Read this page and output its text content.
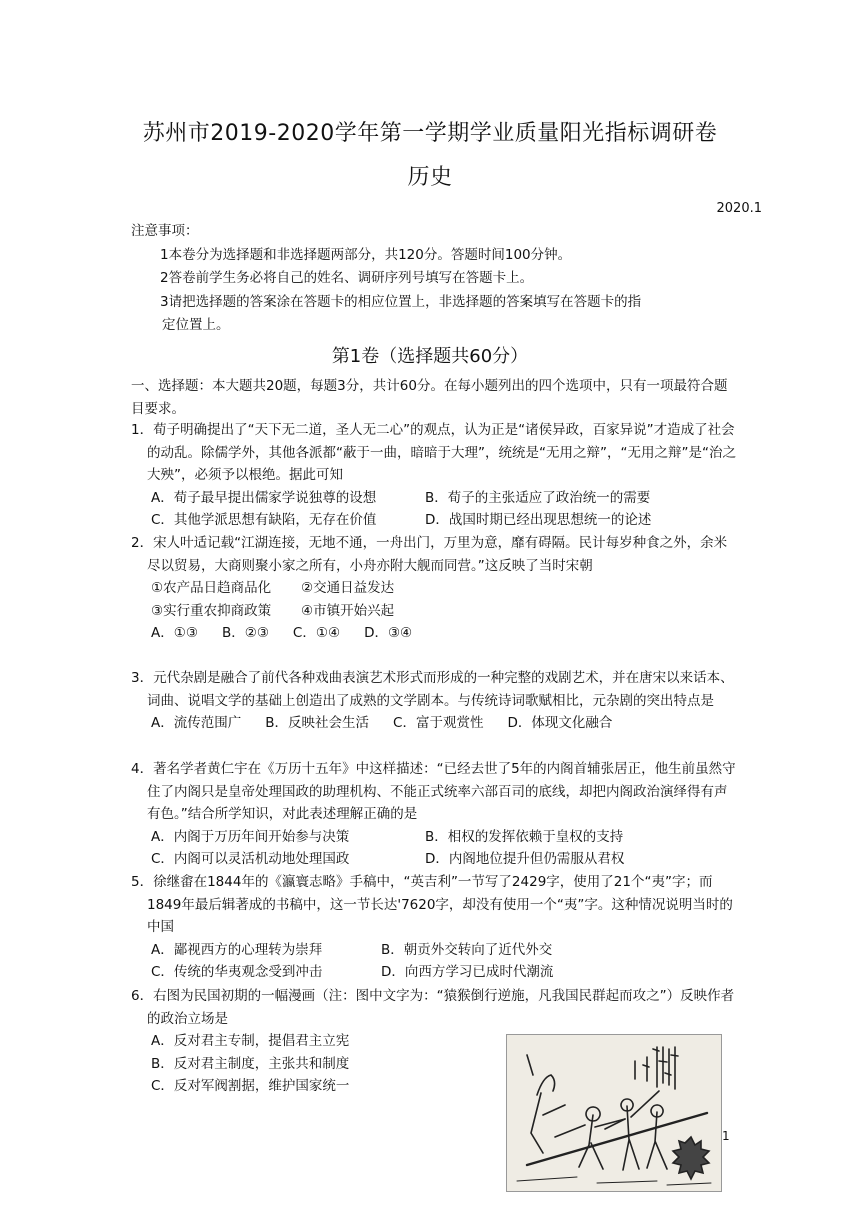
苏州市2019-2020学年第一学期学业质量阳光指标调研卷
历史
2020.1
注意事项：
1本卷分为选择题和非选择题两部分，共120分。答题时间100分钟。
2答卷前学生务必将自己的姓名、调研序列号填写在答题卡上。
3请把选择题的答案涂在答题卡的相应位置上，非选择题的答案填写在答题卡的指
定位置上。
第1卷（选择题共60分）
一、选择题：本大题共20题，每题3分，共计60分。在每小题列出的四个选项中，只有一项最符合题目要求。

1．荀子明确提出了“天下无二道，圣人无二心”的观点，认为正是“诸侯异政，百家异说”才造成了社会的动乱。除儒学外，其他各派都“蔽于一曲，暗暗于大理”，统统是“无用之辩”，“无用之辩”是“治之大殃”，必须予以根绝。据此可知

A．荀子最早提出儒家学说独尊的设想	B．荀子的主张适应了政治统一的需要

C．其他学派思想有缺陷，无存在价值	D．战国时期已经出现思想统一的论述

2．宋人叶适记载“江湖连接，无地不通，一舟出门，万里为意，靡有碍隔。民计每岁种食之外，余米尽以贸易，大商则聚小家之所有，小舟亦附大舰而同营。”这反映了当时宋朝

①农产品日趋商品化 ②交通日益发达

③实行重农抑商政策 ④市镇开始兴起

A．①③ B．②③ C．①④ D．③④

3．元代杂剧是融合了前代各种戏曲表演艺术形式而形成的一种完整的戏剧艺术，并在唐宋以来话本、词曲、说唱文学的基础上创造出了成熟的文学剧本。与传统诗词歌赋相比，元杂剧的突出特点是

A．流传范围广 B．反映社会生活 C．富于观赏性 D．体现文化融合

4．著名学者黄仁宇在《万历十五年》中这样描述：“已经去世了5年的内阁首辅张居正，他生前虽然守住了内阁只是皇帝处理国政的助理机构、不能正式统率六部百司的底线，却把内阁政治演绎得有声有色。”结合所学知识，对此表述理解正确的是

A．内阁于万历年间开始参与决策	B．相权的发挥依赖于皇权的支持

C．内阁可以灵活机动地处理国政	D．内阁地位提升但仍需服从君权

5．徐继畬在1844年的《瀛寰志略》手稿中，“英吉利”一节写了2429字，使用了21个“夷”字；而1849年最后辑著成的书稿中，这一节长达'7620字，却没有使用一个“夷”字。这种情况说明当时的中国

A．鄙视西方的心理转为崇拜	B．朝贡外交转向了近代外交

C．传统的华夷观念受到冲击	D．向西方学习已成时代潮流

6．右图为民国初期的一幅漫画（注：图中文字为：“猿猴倒行逆施，凡我国民群起而攻之”）反映作者的政治立场是

A．反对君主专制，提倡君主立宪

B．反对君主制度，主张共和制度

C．反对军阀割据，维护国家统一

1
